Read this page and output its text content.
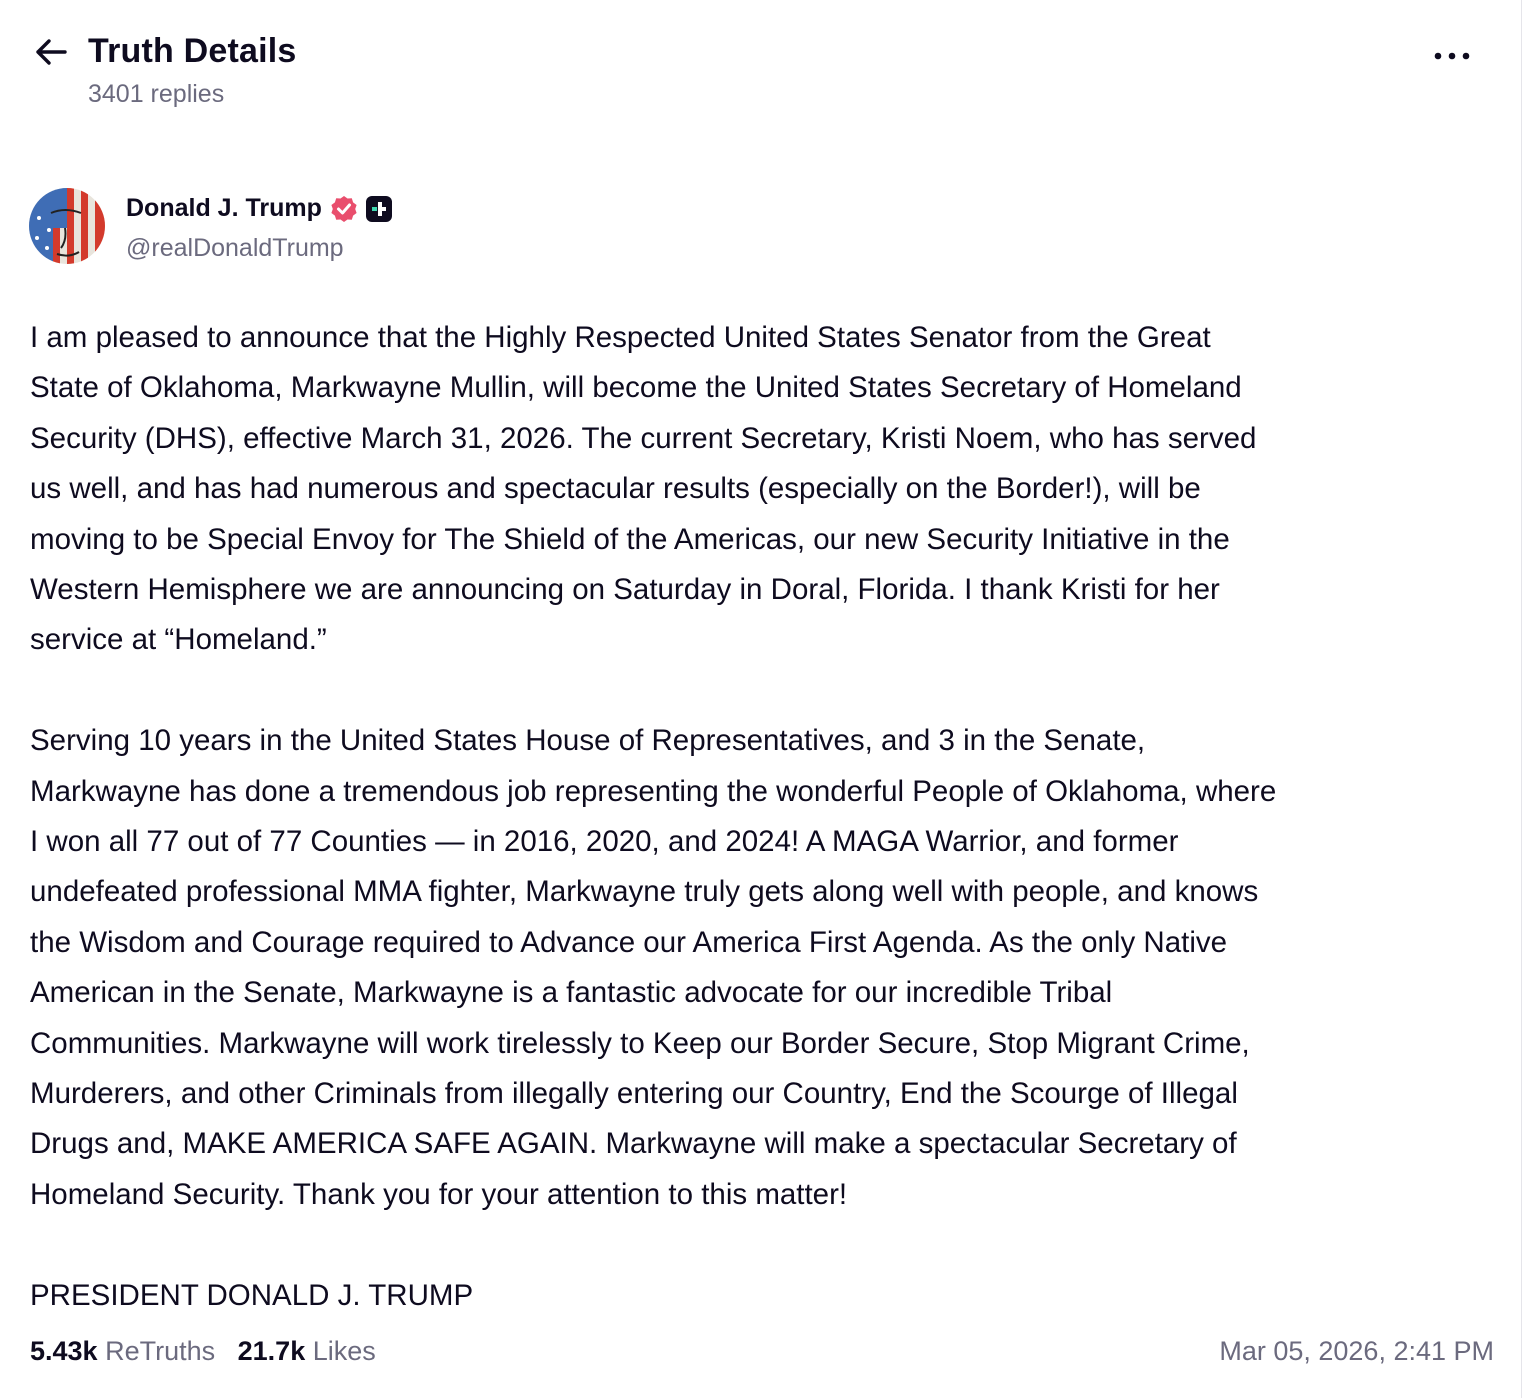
Truth Details
3401 replies
Donald J. Trump
@realDonaldTrump
I am pleased to announce that the Highly Respected United States Senator from the Great
State of Oklahoma, Markwayne Mullin, will become the United States Secretary of Homeland
Security (DHS), effective March 31, 2026. The current Secretary, Kristi Noem, who has served
us well, and has had numerous and spectacular results (especially on the Border!), will be
moving to be Special Envoy for The Shield of the Americas, our new Security Initiative in the
Western Hemisphere we are announcing on Saturday in Doral, Florida. I thank Kristi for her
service at “Homeland.”
Serving 10 years in the United States House of Representatives, and 3 in the Senate,
Markwayne has done a tremendous job representing the wonderful People of Oklahoma, where
I won all 77 out of 77 Counties — in 2016, 2020, and 2024! A MAGA Warrior, and former
undefeated professional MMA fighter, Markwayne truly gets along well with people, and knows
the Wisdom and Courage required to Advance our America First Agenda. As the only Native
American in the Senate, Markwayne is a fantastic advocate for our incredible Tribal
Communities. Markwayne will work tirelessly to Keep our Border Secure, Stop Migrant Crime,
Murderers, and other Criminals from illegally entering our Country, End the Scourge of Illegal
Drugs and, MAKE AMERICA SAFE AGAIN. Markwayne will make a spectacular Secretary of
Homeland Security. Thank you for your attention to this matter!
PRESIDENT DONALD J. TRUMP
5.43k ReTruths 21.7k Likes	Mar 05, 2026, 2:41 PM
